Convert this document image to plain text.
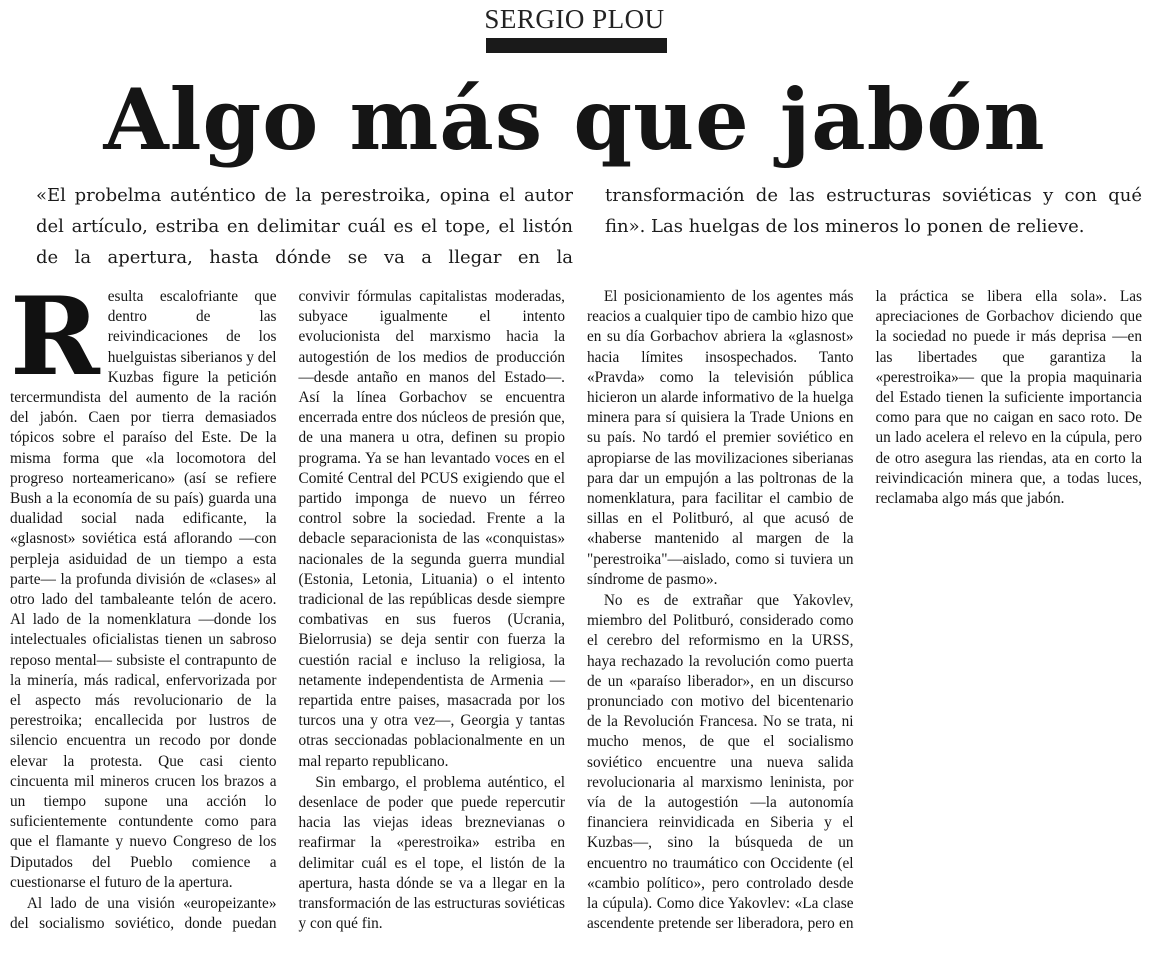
SERGIO PLOU
Algo más que jabón

«El probelma auténtico de la perestroika, opina el autor del artículo, estriba en delimitar cuál es el tope, el listón de la apertura, hasta dónde se va a llegar en la transformación de las estructuras soviéticas y con qué fin». Las huelgas de los mineros lo ponen de relieve.

Resulta escalofriante que dentro de las reivindicaciones de los huelguistas siberianos y del Kuzbas figure la petición tercermundista del aumento de la ración del jabón. Caen por tierra demasiados tópicos sobre el paraíso del Este. De la misma forma que «la locomotora del progreso norteamericano» (así se refiere Bush a la economía de su país) guarda una dualidad social nada edificante, la «glasnost» soviética está aflorando —con perpleja asiduidad de un tiempo a esta parte— la profunda división de «clases» al otro lado del tambaleante telón de acero. Al lado de la nomenklatura —donde los intelectuales oficialistas tienen un sabroso reposo mental— subsiste el contrapunto de la minería, más radical, enfervorizada por el aspecto más revolucionario de la perestroika; encallecida por lustros de silencio encuentra un recodo por donde elevar la protesta. Que casi ciento cincuenta mil mineros crucen los brazos a un tiempo supone una acción lo suficientemente contundente como para que el flamante y nuevo Congreso de los Diputados del Pueblo comience a cuestionarse el futuro de la apertura.

Al lado de una visión «europeizante» del socialismo soviético, donde puedan convivir fórmulas capitalistas moderadas, subyace igualmente el intento evolucionista del marxismo hacia la autogestión de los medios de producción —desde antaño en manos del Estado—. Así la línea Gorbachov se encuentra encerrada entre dos núcleos de presión que, de una manera u otra, definen su propio programa. Ya se han levantado voces en el Comité Central del PCUS exigiendo que el partido imponga de nuevo un férreo control sobre la sociedad. Frente a la debacle separacionista de las «conquistas» nacionales de la segunda guerra mundial (Estonia, Letonia, Lituania) o el intento tradicional de las repúblicas desde siempre combativas en sus fueros (Ucrania, Bielorrusia) se deja sentir con fuerza la cuestión racial e incluso la religiosa, la netamente independentista de Armenia —repartida entre paises, masacrada por los turcos una y otra vez—, Georgia y tantas otras seccionadas poblacionalmente en un mal reparto republicano.

Sin embargo, el problema auténtico, el desenlace de poder que puede repercutir hacia las viejas ideas breznevianas o reafirmar la «perestroika» estriba en delimitar cuál es el tope, el listón de la apertura, hasta dónde se va a llegar en la transformación de las estructuras soviéticas y con qué fin.

El posicionamiento de los agentes más reacios a cualquier tipo de cambio hizo que en su día Gorbachov abriera la «glasnost» hacia límites insospechados. Tanto «Pravda» como la televisión pública hicieron un alarde informativo de la huelga minera para sí quisiera la Trade Unions en su país. No tardó el premier soviético en apropiarse de las movilizaciones siberianas para dar un empujón a las poltronas de la nomenklatura, para facilitar el cambio de sillas en el Politburó, al que acusó de «haberse mantenido al margen de la "perestroika"—aislado, como si tuviera un síndrome de pasmo».

No es de extrañar que Yakovlev, miembro del Politburó, considerado como el cerebro del reformismo en la URSS, haya rechazado la revolución como puerta de un «paraíso liberador», en un discurso pronunciado con motivo del bicentenario de la Revolución Francesa. No se trata, ni mucho menos, de que el socialismo soviético encuentre una nueva salida revolucionaria al marxismo leninista, por vía de la autogestión —la autonomía financiera reinvidicada en Siberia y el Kuzbas—, sino la búsqueda de un encuentro no traumático con Occidente (el «cambio político», pero controlado desde la cúpula). Como dice Yakovlev: «La clase ascendente pretende ser liberadora, pero en la práctica se libera ella sola». Las apreciaciones de Gorbachov diciendo que la sociedad no puede ir más deprisa —en las libertades que garantiza la «perestroika»— que la propia maquinaria del Estado tienen la suficiente importancia como para que no caigan en saco roto. De un lado acelera el relevo en la cúpula, pero de otro asegura las riendas, ata en corto la reivindicación minera que, a todas luces, reclamaba algo más que jabón.
